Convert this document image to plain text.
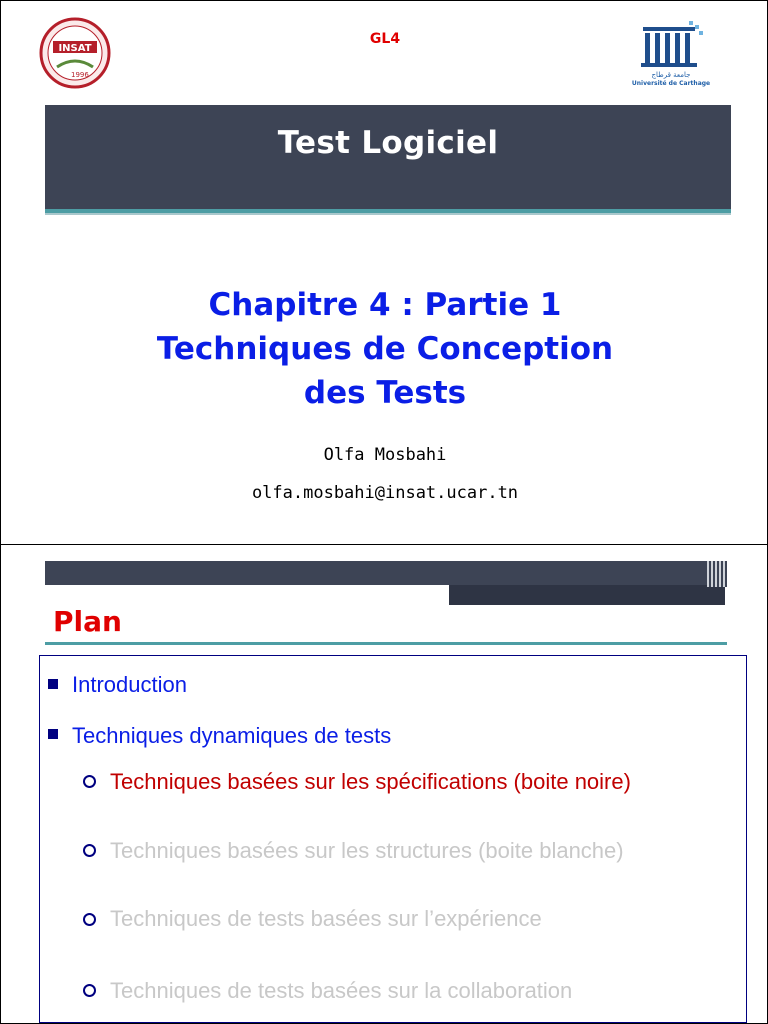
INSAT
1996
GL4
جامعة قرطاج
Université de Carthage
Test Logiciel
Chapitre 4 : Partie 1
Techniques de Conception
des Tests
Olfa Mosbahi
olfa.mosbahi@insat.ucar.tn
Plan
Introduction
Techniques dynamiques de tests
Techniques basées sur les spécifications (boite noire)
Techniques basées sur les structures (boite blanche)
Techniques de tests basées sur l’expérience
Techniques de tests basées sur la collaboration
